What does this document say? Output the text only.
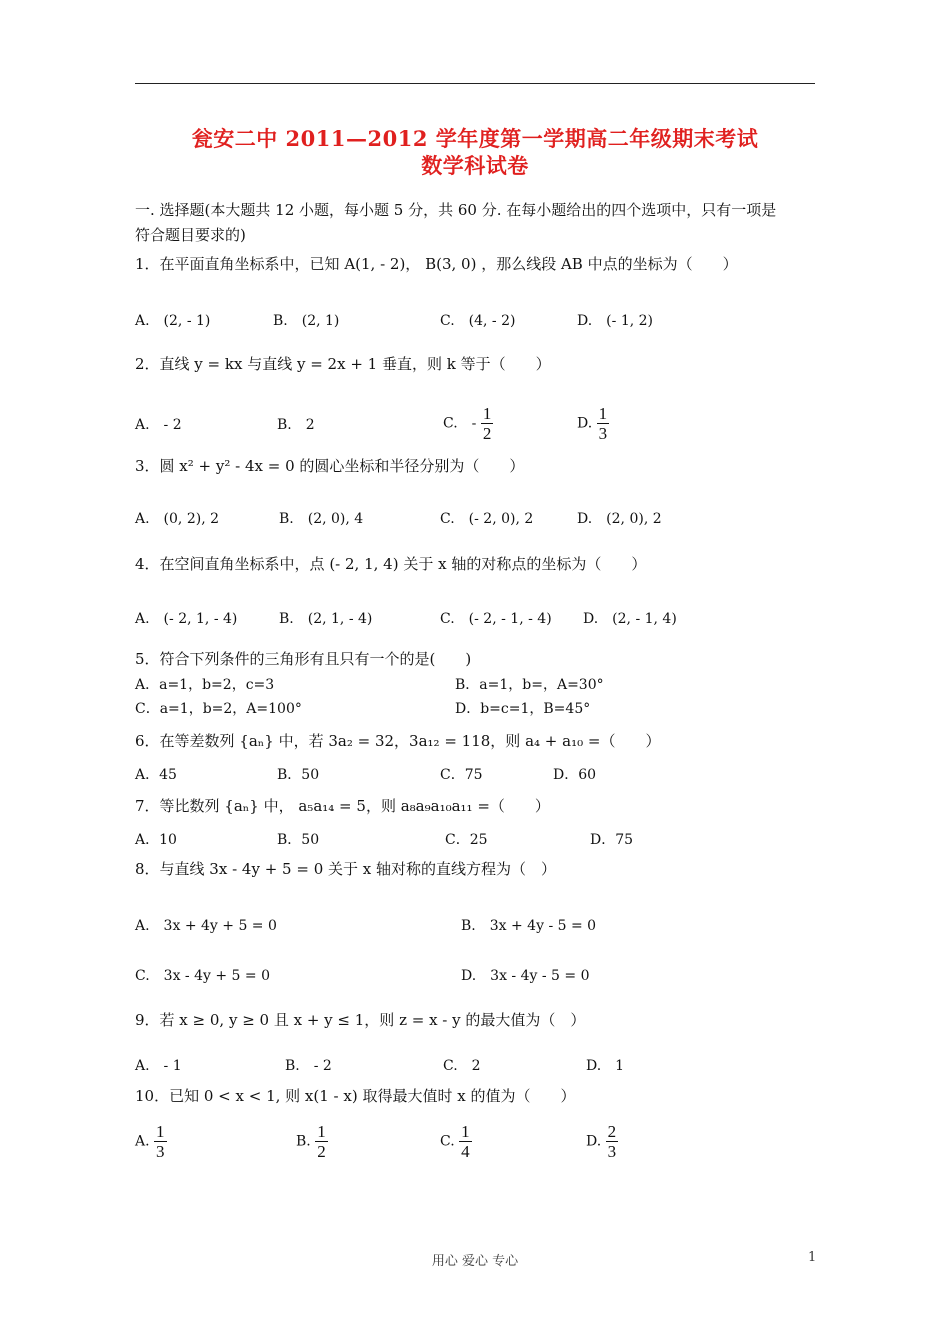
瓮安二中 2011—2012 学年度第一学期高二年级期末考试
数学科试卷
一. 选择题(本大题共 12 小题，每小题 5 分，共 60 分. 在每小题给出的四个选项中，只有一项是
符合题目要求的)
1．在平面直角坐标系中，已知 A(1, - 2)， B(3, 0) ，那么线段 AB 中点的坐标为（　　）
A.　(2, - 1)	B.　(2, 1)	C.　(4, - 2)	D.　(- 1, 2)
2．直线 y = kx 与直线 y = 2x + 1 垂直，则 k 等于（　　）
A.　- 2	B.　2	C.　- $\frac{1}{2}$	D. $\frac{1}{3}$
3．圆 x² + y² - 4x = 0 的圆心坐标和半径分别为（　　）
A.　(0, 2), 2	B.　(2, 0), 4	C.　(- 2, 0), 2	D.　(2, 0), 2
4．在空间直角坐标系中，点 (- 2, 1, 4) 关于 x 轴的对称点的坐标为（　　）
A.　(- 2, 1, - 4)	B.　(2, 1, - 4)	C.　(- 2, - 1, - 4) D.　(2, - 1, 4)
5．符合下列条件的三角形有且只有一个的是(　　)
A．a=1，b=2，c=3	B．a=1，b=，A=30°
C．a=1，b=2，A=100°	D．b=c=1，B=45°
6．在等差数列 {aₙ} 中，若 3a₂ = 32，3a₁₂ = 118，则 a₄ + a₁₀ =（　　）
A．45	B．50	C．75	D．60
7．等比数列 {aₙ} 中， a₅a₁₄ = 5，则 a₈a₉a₁₀a₁₁ =（　　）
A．10	B．50	C．25	D．75
8．与直线 3x - 4y + 5 = 0 关于 x 轴对称的直线方程为（　）
A.　3x + 4y + 5 = 0	B.　3x + 4y - 5 = 0
C.　3x - 4y + 5 = 0	D.　3x - 4y - 5 = 0
9．若 x ≥ 0, y ≥ 0 且 x + y ≤ 1，则 z = x - y 的最大值为（　）
A.　- 1	B.　- 2	C.　2	D.　1
10．已知 0 < x < 1, 则 x(1 - x) 取得最大值时 x 的值为（　　）
A. $\frac{1}{3}$	B. $\frac{1}{2}$	C. $\frac{1}{4}$	D. $\frac{2}{3}$
用心 爱心 专心	1
